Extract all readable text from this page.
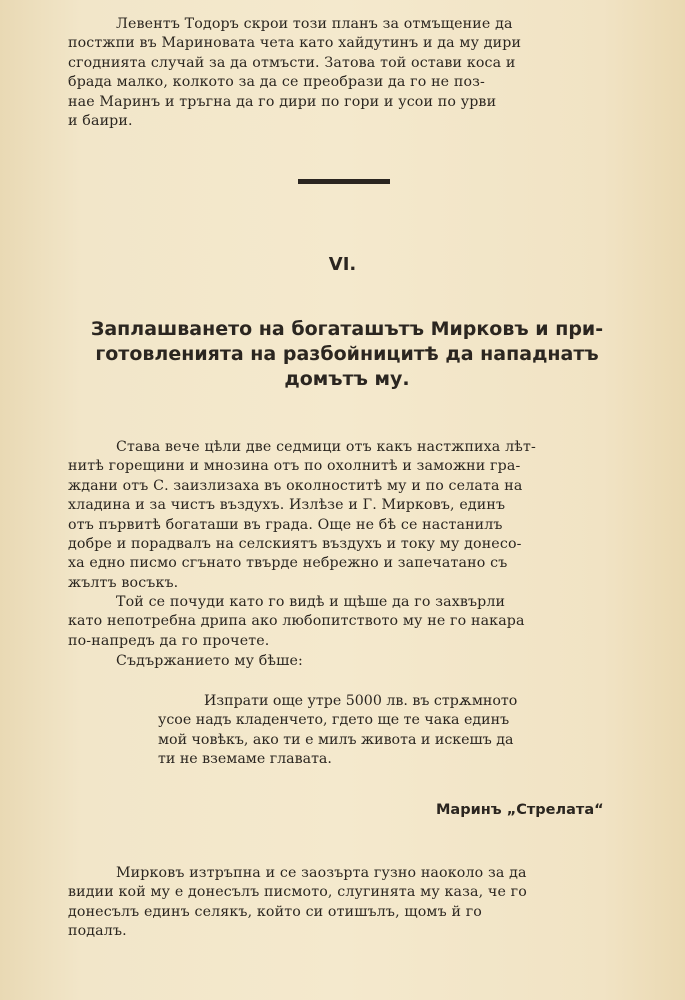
Левентъ Тодоръ скрои този планъ за отмъщение да
постжпи въ Мариновата чета като хайдутинъ и да му дири
сгоднията случай за да отмъсти. Затова той остави коса и
брада малко, колкото за да се преобрази да го не поз-
нае Маринъ и тръгна да го дири по гори и усои по урви
и баири.
VI.
Заплашването на богаташътъ Мирковъ и при-
готовленията на разбойницитѣ да нападнатъ
домътъ му.
Става вече цѣли две седмици отъ какъ настжпиха лѣт-
нитѣ горещини и мнозина отъ по охолнитѣ и заможни гра-
ждани отъ С. заизлизаха въ околноститѣ му и по селата на
хладина и за чистъ въздухъ. Излѣзе и Г. Мирковъ, единъ
отъ първитѣ богаташи въ града. Още не бѣ се настанилъ
добре и порадвалъ на селскиятъ въздухъ и току му донесо-
ха едно писмо сгънато твърде небрежно и запечатано съ
жълтъ восъкъ.
Той се почуди като го видѣ и щѣше да го захвърли
като непотребна дрипа ако любопитството му не го накара
по-напредъ да го прочете.
Съдържанието му бѣше:
Изпрати още утре 5000 лв. въ стрѫмното
усое надъ кладенчето, гдето ще те чака единъ
мой човѣкъ, ако ти е милъ живота и искешъ да
ти не вземаме главата.
Маринъ „Стрелата“
Мирковъ изтръпна и се заозърта гузно наоколо за да
видии кой му е донесълъ писмото, слугинята му каза, че го
донесълъ единъ селякъ, който си отишълъ, щомъ й го
подалъ.
